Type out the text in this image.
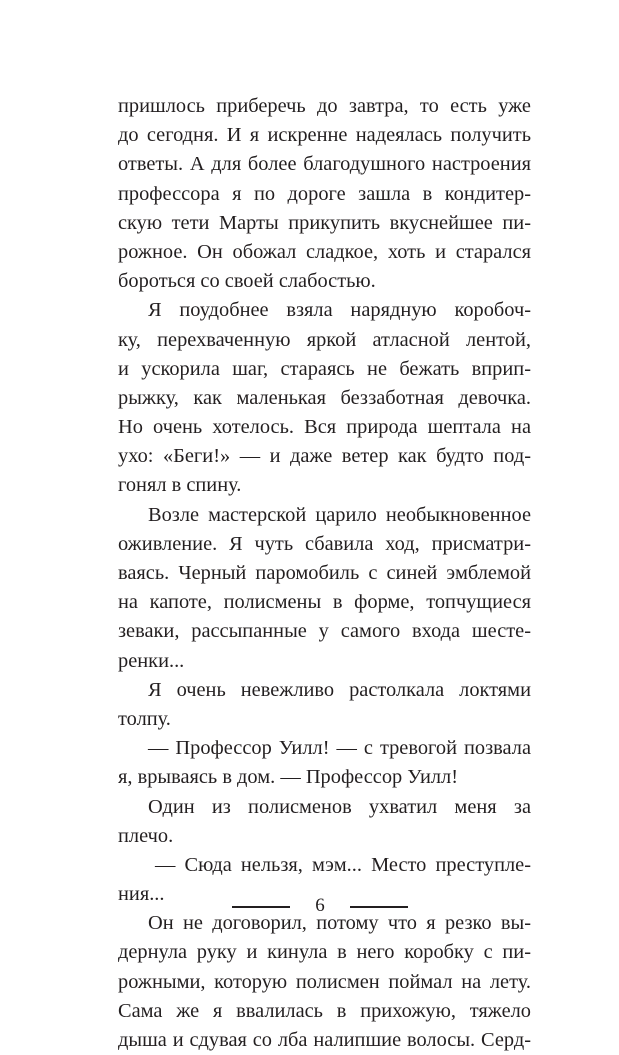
пришлось приберечь до завтра, то есть уже
до сегодня. И я искренне надеялась получить
ответы. А для более благодушного настроения
профессора я по дороге зашла в кондитер-
скую тети Марты прикупить вкуснейшее пи-
рожное. Он обожал сладкое, хоть и старался
бороться со своей слабостью.
Я поудобнее взяла нарядную коробоч-
ку, перехваченную яркой атласной лентой,
и ускорила шаг, стараясь не бежать вприп-
рыжку, как маленькая беззаботная девочка.
Но очень хотелось. Вся природа шептала на
ухо: «Беги!» — и даже ветер как будто под-
гонял в спину.
Возле мастерской царило необыкновенное
оживление. Я чуть сбавила ход, присматри-
ваясь. Черный паромобиль с синей эмблемой
на капоте, полисмены в форме, топчущиеся
зеваки, рассыпанные у самого входа шесте-
ренки...
Я очень невежливо растолкала локтями
толпу.
— Профессор Уилл! — с тревогой позвала
я, врываясь в дом. — Профессор Уилл!
Один из полисменов ухватил меня за
плечо.
— Сюда нельзя, мэм... Место преступле-
ния...
Он не договорил, потому что я резко вы-
дернула руку и кинула в него коробку с пи-
рожными, которую полисмен поймал на лету.
Сама же я ввалилась в прихожую, тяжело
дыша и сдувая со лба налипшие волосы. Серд-
6
